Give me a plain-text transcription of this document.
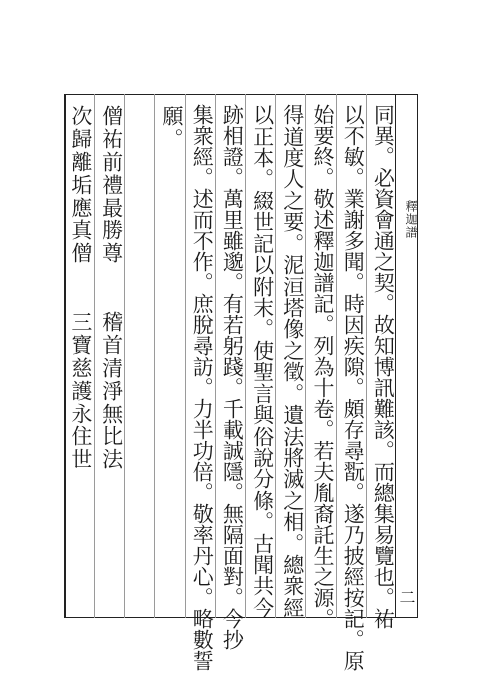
釋迦譜
二
同
異
。
必
資
會
通
之
契
。
故
知
博
訊
難
該
。
而
總
集
易
覽
也
。
祐
以
不
敏
。
業
謝
多
聞
。
時
因
疾
隙
。
頗
存
尋
翫
。
遂
乃
披
經
按
記
。
原
始
要
終
。
敬
述
釋
迦
譜
記
。
列
為
十
卷
。
若
夫
胤
裔
託
生
之
源
。
得
道
度
人
之
要
。
泥
洹
塔
像
之
徵
。
遺
法
將
滅
之
相
。
總
衆
經
以
正
本
。
綴
世
記
以
附
末
。
使
聖
言
與
俗
說
分
條
。
古
聞
共
今
跡
相
證
。
萬
里
雖
邈
。
有
若
躬
踐
。
千
載
誠
隱
。
無
隔
面
對
。
今
抄
集
衆
經
。
述
而
不
作
。
庶
脫
尋
訪
。
力
半
功
倍
。
敬
率
丹
心
。
略
數
誓
願
。
僧
祐
前
禮
最
勝
尊

稽
首
清
淨
無
比
法
次
歸
離
垢
應
真
僧

三
寶
慈
護
永
住
世
